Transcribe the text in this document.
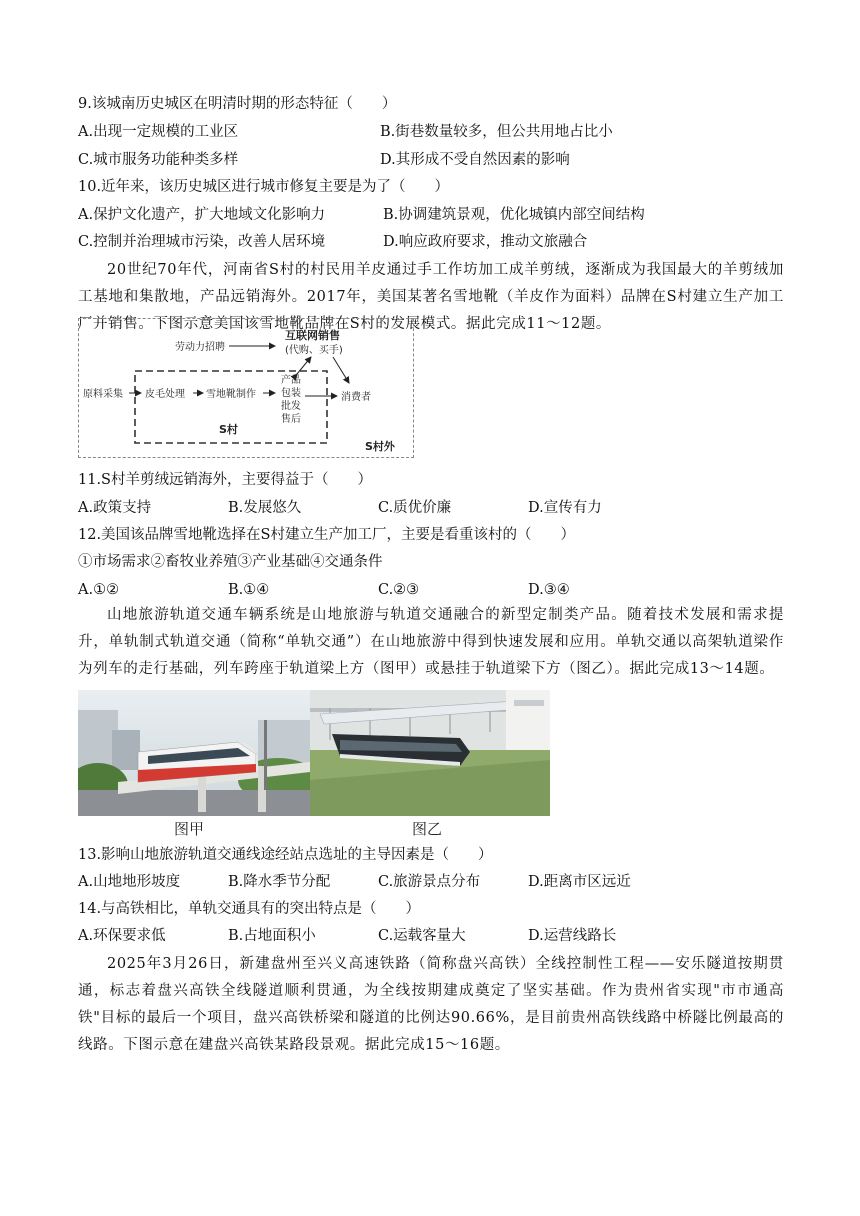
9.该城南历史城区在明清时期的形态特征（　　）
A.出现一定规模的工业区	B.街巷数量较多，但公共用地占比小
C.城市服务功能种类多样	D.其形成不受自然因素的影响
10.近年来，该历史城区进行城市修复主要是为了（　　）
A.保护文化遗产，扩大地域文化影响力	B.协调建筑景观，优化城镇内部空间结构
C.控制并治理城市污染，改善人居环境	D.响应政府要求，推动文旅融合
20世纪70年代，河南省S村的村民用羊皮通过手工作坊加工成羊剪绒，逐渐成为我国最大的羊剪绒加工基地和集散地，产品远销海外。2017年，美国某著名雪地靴（羊皮作为面料）品牌在S村建立生产加工厂并销售。下图示意美国该雪地靴品牌在S村的发展模式。据此完成11～12题。
劳动力招聘
互联网销售
(代购、买手)
原料采集 皮毛处理 雪地靴制作
产品
包装
批发
售后
消费者
S村
S村外
11.S村羊剪绒远销海外，主要得益于（　　）
A.政策支持	B.发展悠久	C.质优价廉	D.宣传有力
12.美国该品牌雪地靴选择在S村建立生产加工厂，主要是看重该村的（　　）
①市场需求②畜牧业养殖③产业基础④交通条件
A.①②	B.①④	C.②③	D.③④
山地旅游轨道交通车辆系统是山地旅游与轨道交通融合的新型定制类产品。随着技术发展和需求提升，单轨制式轨道交通（简称“单轨交通”）在山地旅游中得到快速发展和应用。单轨交通以高架轨道梁作为列车的走行基础，列车跨座于轨道梁上方（图甲）或悬挂于轨道梁下方（图乙）。据此完成13～14题。
图甲	图乙
13.影响山地旅游轨道交通线途经站点选址的主导因素是（　　）
A.山地地形坡度	B.降水季节分配	C.旅游景点分布	D.距离市区远近
14.与高铁相比，单轨交通具有的突出特点是（　　）
A.环保要求低	B.占地面积小	C.运载客量大	D.运营线路长
2025年3月26日，新建盘州至兴义高速铁路（简称盘兴高铁）全线控制性工程——安乐隧道按期贯通，标志着盘兴高铁全线隧道顺利贯通，为全线按期建成奠定了坚实基础。作为贵州省实现"市市通高铁"目标的最后一个项目，盘兴高铁桥梁和隧道的比例达90.66%，是目前贵州高铁线路中桥隧比例最高的线路。下图示意在建盘兴高铁某路段景观。据此完成15～16题。
